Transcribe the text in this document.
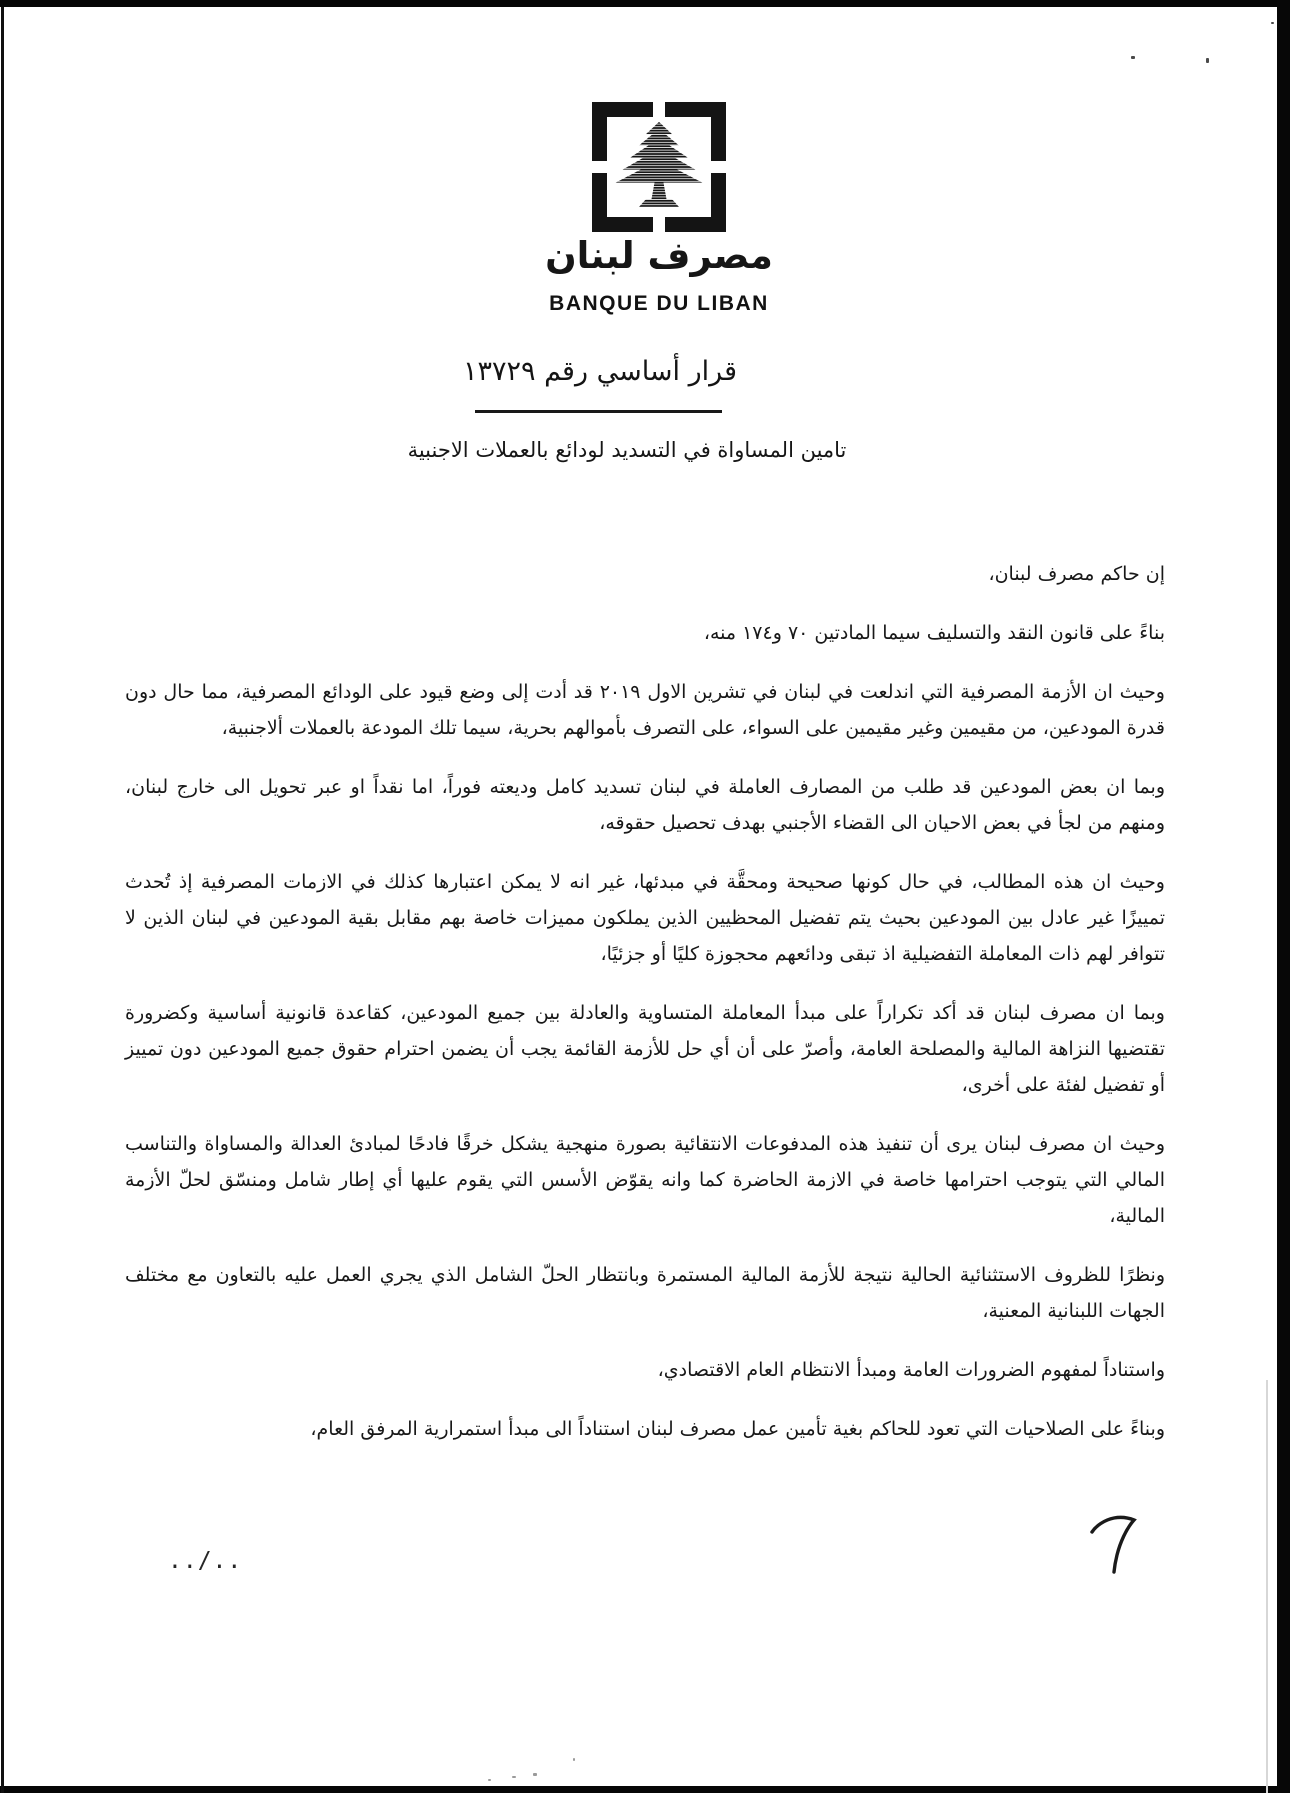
مصرف لبنان
BANQUE DU LIBAN
قرار أساسي رقم ١٣٧٢٩
تامين المساواة في التسديد لودائع بالعملات الاجنبية

إن حاكم مصرف لبنان،

بناءً على قانون النقد والتسليف سيما المادتين ٧٠ و١٧٤ منه،

وحيث ان الأزمة المصرفية التي اندلعت في لبنان في تشرين الاول ٢٠١٩ قد أدت إلى وضع قيود على الودائع المصرفية، مما حال دون قدرة المودعين، من مقيمين وغير مقيمين على السواء، على التصرف بأموالهم بحرية، سيما تلك المودعة بالعملات ألاجنبية،

وبما ان بعض المودعين قد طلب من المصارف العاملة في لبنان تسديد كامل وديعته فوراً، اما نقداً او عبر تحويل الى خارج لبنان، ومنهم من لجأ في بعض الاحيان الى القضاء الأجنبي بهدف تحصيل حقوقه،

وحيث ان هذه المطالب، في حال كونها صحيحة ومحقَّة في مبدئها، غير انه لا يمكن اعتبارها كذلك في الازمات المصرفية إذ تُحدث تمييزًا غير عادل بين المودعين بحيث يتم تفضيل المحظيين الذين يملكون مميزات خاصة بهم مقابل بقية المودعين في لبنان الذين لا تتوافر لهم ذات المعاملة التفضيلية اذ تبقى ودائعهم محجوزة كليًا أو جزئيًا،

وبما ان مصرف لبنان قد أكد تكراراً على مبدأ المعاملة المتساوية والعادلة بين جميع المودعين، كقاعدة قانونية أساسية وكضرورة تقتضيها النزاهة المالية والمصلحة العامة، وأصرّ على أن أي حل للأزمة القائمة يجب أن يضمن احترام حقوق جميع المودعين دون تمييز أو تفضيل لفئة على أخرى،

وحيث ان مصرف لبنان يرى أن تنفيذ هذه المدفوعات الانتقائية بصورة منهجية يشكل خرقًا فادحًا لمبادئ العدالة والمساواة والتناسب المالي التي يتوجب احترامها خاصة في الازمة الحاضرة كما وانه يقوّض الأسس التي يقوم عليها أي إطار شامل ومنسّق لحلّ الأزمة المالية،

ونظرًا للظروف الاستثنائية الحالية نتيجة للأزمة المالية المستمرة وبانتظار الحلّ الشامل الذي يجري العمل عليه بالتعاون مع مختلف الجهات اللبنانية المعنية،

واستناداً لمفهوم الضرورات العامة ومبدأ الانتظام العام الاقتصادي،

وبناءً على الصلاحيات التي تعود للحاكم بغية تأمين عمل مصرف لبنان استناداً الى مبدأ استمرارية المرفق العام،

../..
